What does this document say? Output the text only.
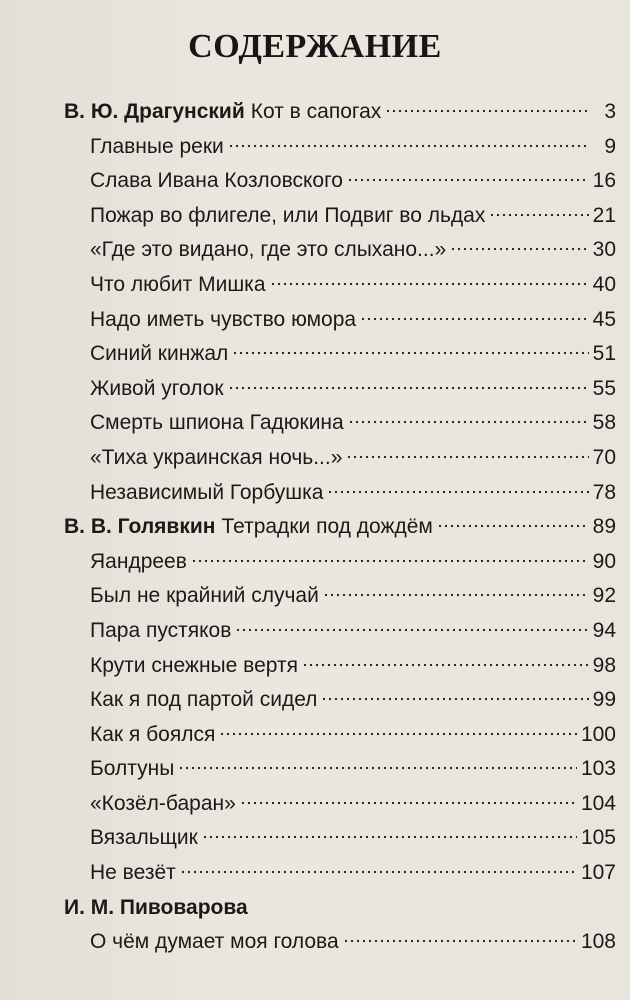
СОДЕРЖАНИЕ
В. Ю. Драгунский Кот в сапогах	3
Главные реки	9
Слава Ивана Козловского	16
Пожар во флигеле, или Подвиг во льдах	21
«Где это видано, где это слыхано...»	30
Что любит Мишка	40
Надо иметь чувство юмора	45
Синий кинжал	51
Живой уголок	55
Смерть шпиона Гадюкина	58
«Тиха украинская ночь...»	70
Независимый Горбушка	78
В. В. Голявкин Тетрадки под дождём	89
Яандреев	90
Был не крайний случай	92
Пара пустяков	94
Крути снежные вертя	98
Как я под партой сидел	99
Как я боялся	100
Болтуны	103
«Козёл-баран»	104
Вязальщик	105
Не везёт	107
И. М. Пивоварова
О чём думает моя голова	108
